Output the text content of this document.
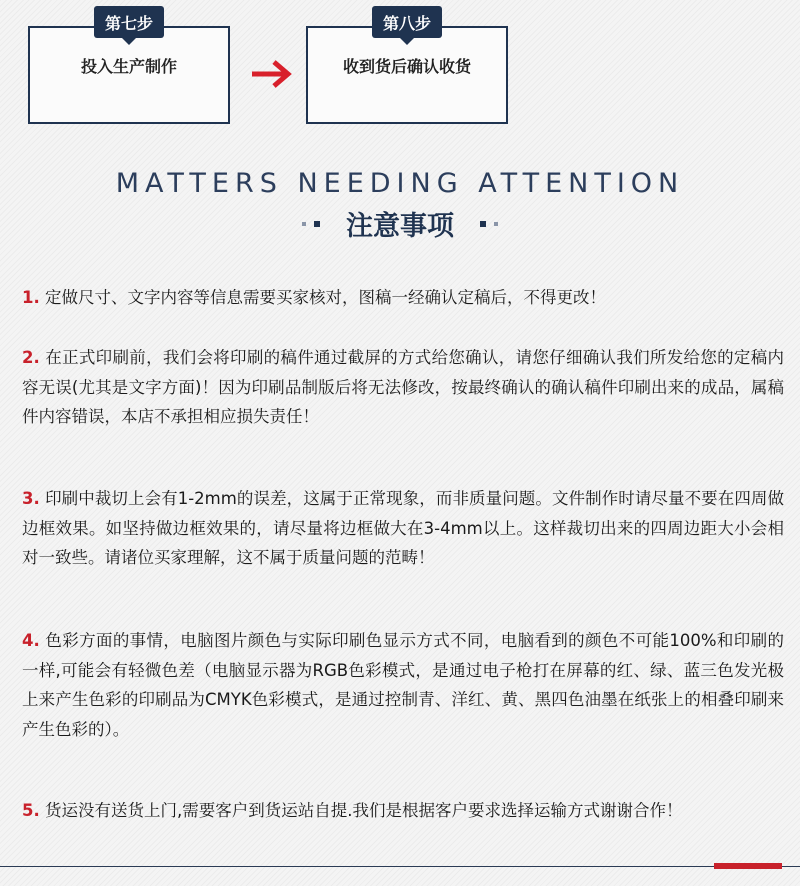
投入生产制作
第七步
收到货后确认收货
第八步
MATTERS NEEDING ATTENTION
注意事项
1. 定做尺寸、文字内容等信息需要买家核对，图稿一经确认定稿后，不得更改！
2. 在正式印刷前，我们会将印刷的稿件通过截屏的方式给您确认，请您仔细确认我们所发给您的定稿内容无误(尤其是文字方面)！因为印刷品制版后将无法修改，按最终确认的确认稿件印刷出来的成品，属稿件内容错误，本店不承担相应损失责任！
3. 印刷中裁切上会有1-2mm的误差，这属于正常现象，而非质量问题。文件制作时请尽量不要在四周做边框效果。如坚持做边框效果的，请尽量将边框做大在3-4mm以上。这样裁切出来的四周边距大小会相对一致些。请诸位买家理解，这不属于质量问题的范畴！
4. 色彩方面的事情，电脑图片颜色与实际印刷色显示方式不同，电脑看到的颜色不可能100%和印刷的一样,可能会有轻微色差（电脑显示器为RGB色彩模式，是通过电子枪打在屏幕的红、绿、蓝三色发光极上来产生色彩的印刷品为CMYK色彩模式，是通过控制青、洋红、黄、黑四色油墨在纸张上的相叠印刷来产生色彩的）。
5. 货运没有送货上门,需要客户到货运站自提.我们是根据客户要求选择运输方式谢谢合作！
